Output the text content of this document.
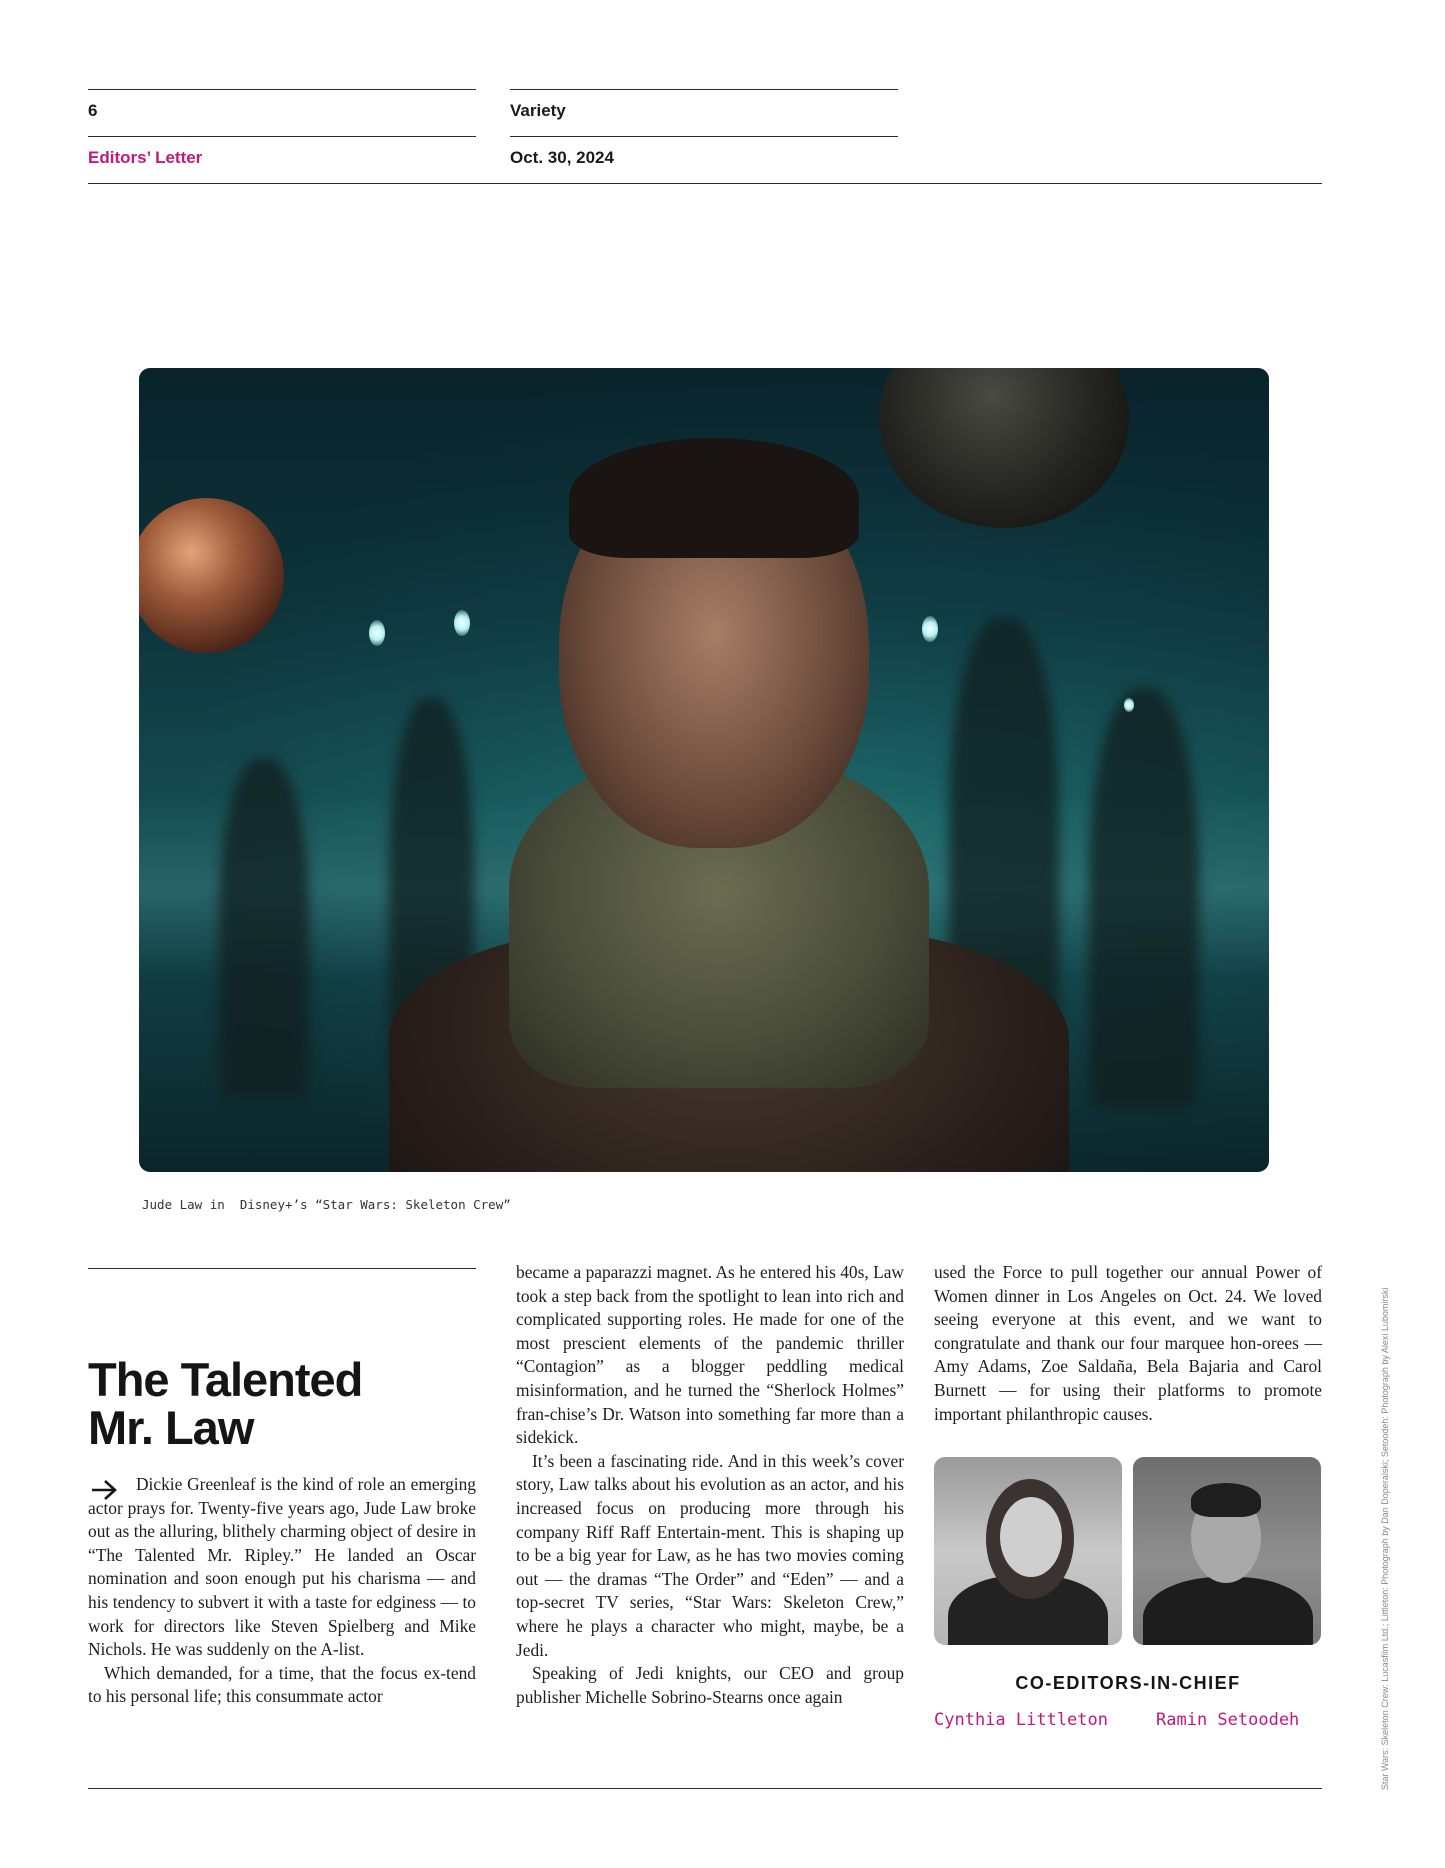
6	Variety
Editors’ Letter	Oct. 30, 2024
Jude Law in  Disney+’s “Star Wars: Skeleton Crew”
The Talented
Mr. Law

Dickie Greenleaf is the kind of role an emerging actor prays for. Twenty-five years ago, Jude Law broke out as the alluring, blithely charming object of desire in “The Talented Mr. Ripley.” He landed an Oscar nomination and soon enough put his charisma — and his tendency to subvert it with a taste for edginess — to work for directors like Steven Spielberg and Mike Nichols. He was suddenly on the A-list.

Which demanded, for a time, that the focus ex-tend to his personal life; this consummate actor

became a paparazzi magnet. As he entered his 40s, Law took a step back from the spotlight to lean into rich and complicated supporting roles. He made for one of the most prescient elements of the pandemic thriller “Contagion” as a blogger peddling medical misinformation, and he turned the “Sherlock Holmes” fran-chise’s Dr. Watson into something far more than a sidekick.

It’s been a fascinating ride. And in this week’s cover story, Law talks about his evolution as an actor, and his increased focus on producing more through his company Riff Raff Entertain-ment. This is shaping up to be a big year for Law, as he has two movies coming out — the dramas “The Order” and “Eden” — and a top-secret TV series, “Star Wars: Skeleton Crew,” where he plays a character who might, maybe, be a Jedi.

Speaking of Jedi knights, our CEO and group publisher Michelle Sobrino-Stearns once again

used the Force to pull together our annual Power of Women dinner in Los Angeles on Oct. 24. We loved seeing everyone at this event, and we want to congratulate and thank our four marquee hon-orees — Amy Adams, Zoe Saldaña, Bela Bajaria and Carol Burnett — for using their platforms to promote important philanthropic causes.

CO-EDITORS-IN-CHIEF
Cynthia Littleton	Ramin Setoodeh	Star Wars: Skeleton Crew: Lucasfilm Ltd.; Littleton: Photograph by Dan Doperalski; Setoodeh: Photograph by Alexi Lubomirski
